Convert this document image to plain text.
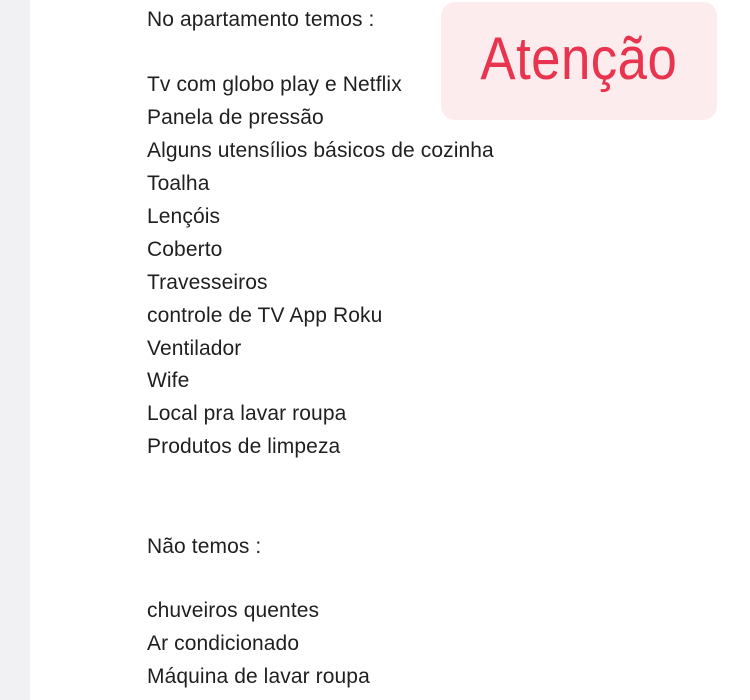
No apartamento temos :
Tv com globo play e Netflix
Panela de pressão
Alguns utensílios básicos de cozinha
Toalha
Lençóis
Coberto
Travesseiros
controle de TV App Roku
Ventilador
Wife
Local pra lavar roupa
Produtos de limpeza
Não temos :
chuveiros quentes
Ar condicionado
Máquina de lavar roupa
Atenção
